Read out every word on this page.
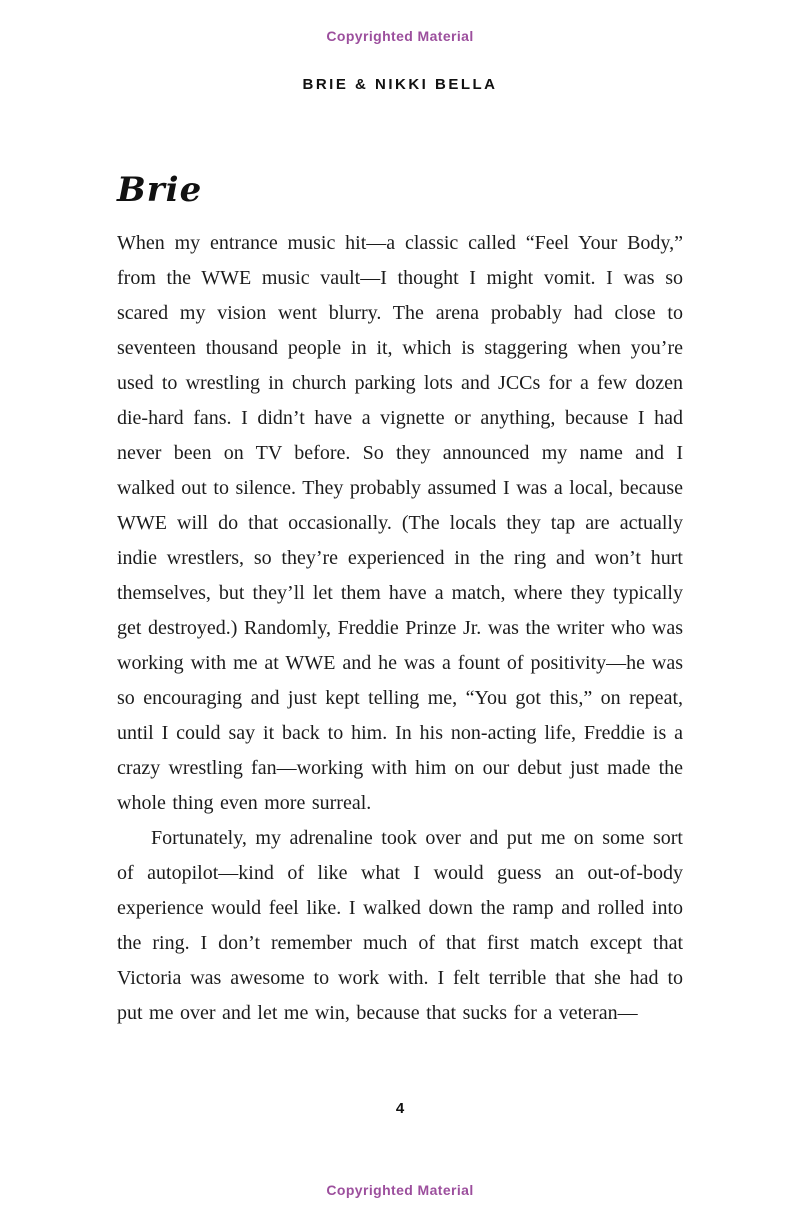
Copyrighted Material
BRIE & NIKKI BELLA
Brie

When my entrance music hit—a classic called “Feel Your Body,” from the WWE music vault—I thought I might vomit. I was so scared my vision went blurry. The arena probably had close to seventeen thousand people in it, which is staggering when you’re used to wrestling in church parking lots and JCCs for a few dozen die-hard fans. I didn’t have a vignette or anything, because I had never been on TV before. So they announced my name and I walked out to silence. They probably assumed I was a local, because WWE will do that occasionally. (The locals they tap are actually indie wrestlers, so they’re experienced in the ring and won’t hurt themselves, but they’ll let them have a match, where they typically get destroyed.) Randomly, Freddie Prinze Jr. was the writer who was working with me at WWE and he was a fount of positivity—he was so encouraging and just kept telling me, “You got this,” on repeat, until I could say it back to him. In his non-acting life, Freddie is a crazy wrestling fan—working with him on our debut just made the whole thing even more surreal.

Fortunately, my adrenaline took over and put me on some sort of autopilot—kind of like what I would guess an out-of-body experience would feel like. I walked down the ramp and rolled into the ring. I don’t remember much of that first match except that Victoria was awesome to work with. I felt terrible that she had to put me over and let me win, because that sucks for a veteran—

4
Copyrighted Material
